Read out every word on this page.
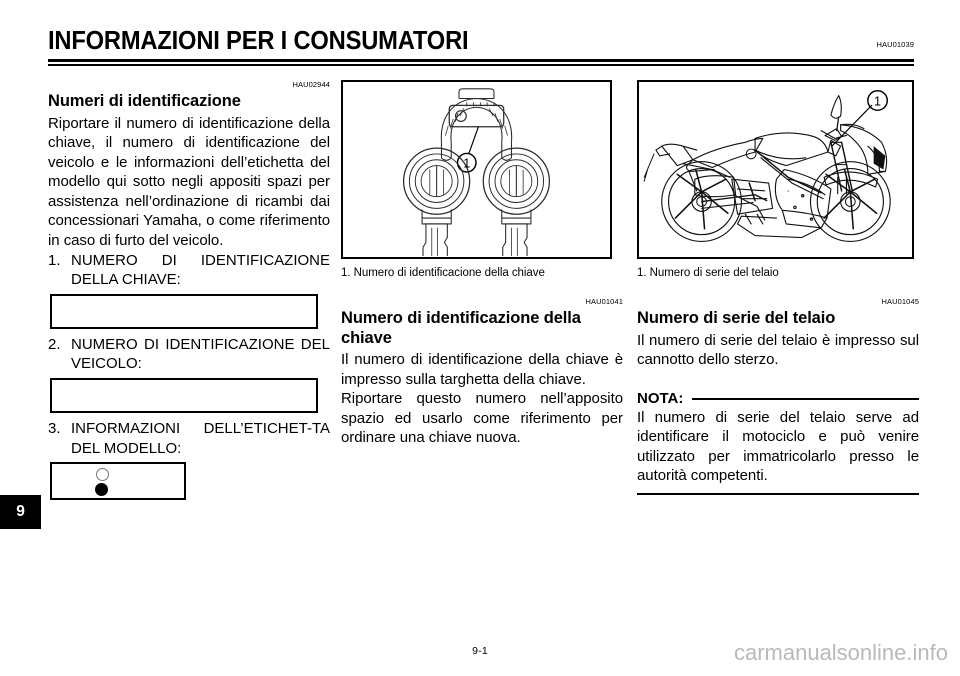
INFORMAZIONI PER I CONSUMATORI	HAU01039
HAU02944
Numeri di identificazione

Riportare il numero di identificazione della chiave, il numero di identificazione del veicolo e le informazioni dell’etichetta del modello qui sotto negli appositi spazi per assistenza nell’ordinazione di ricambi dai concessionari Yamaha, o come riferimento in caso di furto del veicolo.

1. NUMERO DI IDENTIFICAZIONE DELLA CHIAVE:
2. NUMERO DI IDENTIFICAZIONE DEL VEICOLO:
3. INFORMAZIONI DELL’ETICHET-TA DEL MODELLO:
1

1. Numero di identificacione della chiave

HAU01041
Numero di identificazione della chiave

Il numero di identificazione della chiave è impresso sulla targhetta della chiave.

Riportare questo numero nell’apposito spazio ed usarlo come riferimento per ordinare una chiave nuova.

1

1. Numero di serie del telaio

HAU01045
Numero di serie del telaio

Il numero di serie del telaio è impresso sul cannotto dello sterzo.

NOTA:

Il numero di serie del telaio serve ad identificare il motociclo e può venire utilizzato per immatricolarlo presso le autorità competenti.

9
9-1	carmanualsonline.info
